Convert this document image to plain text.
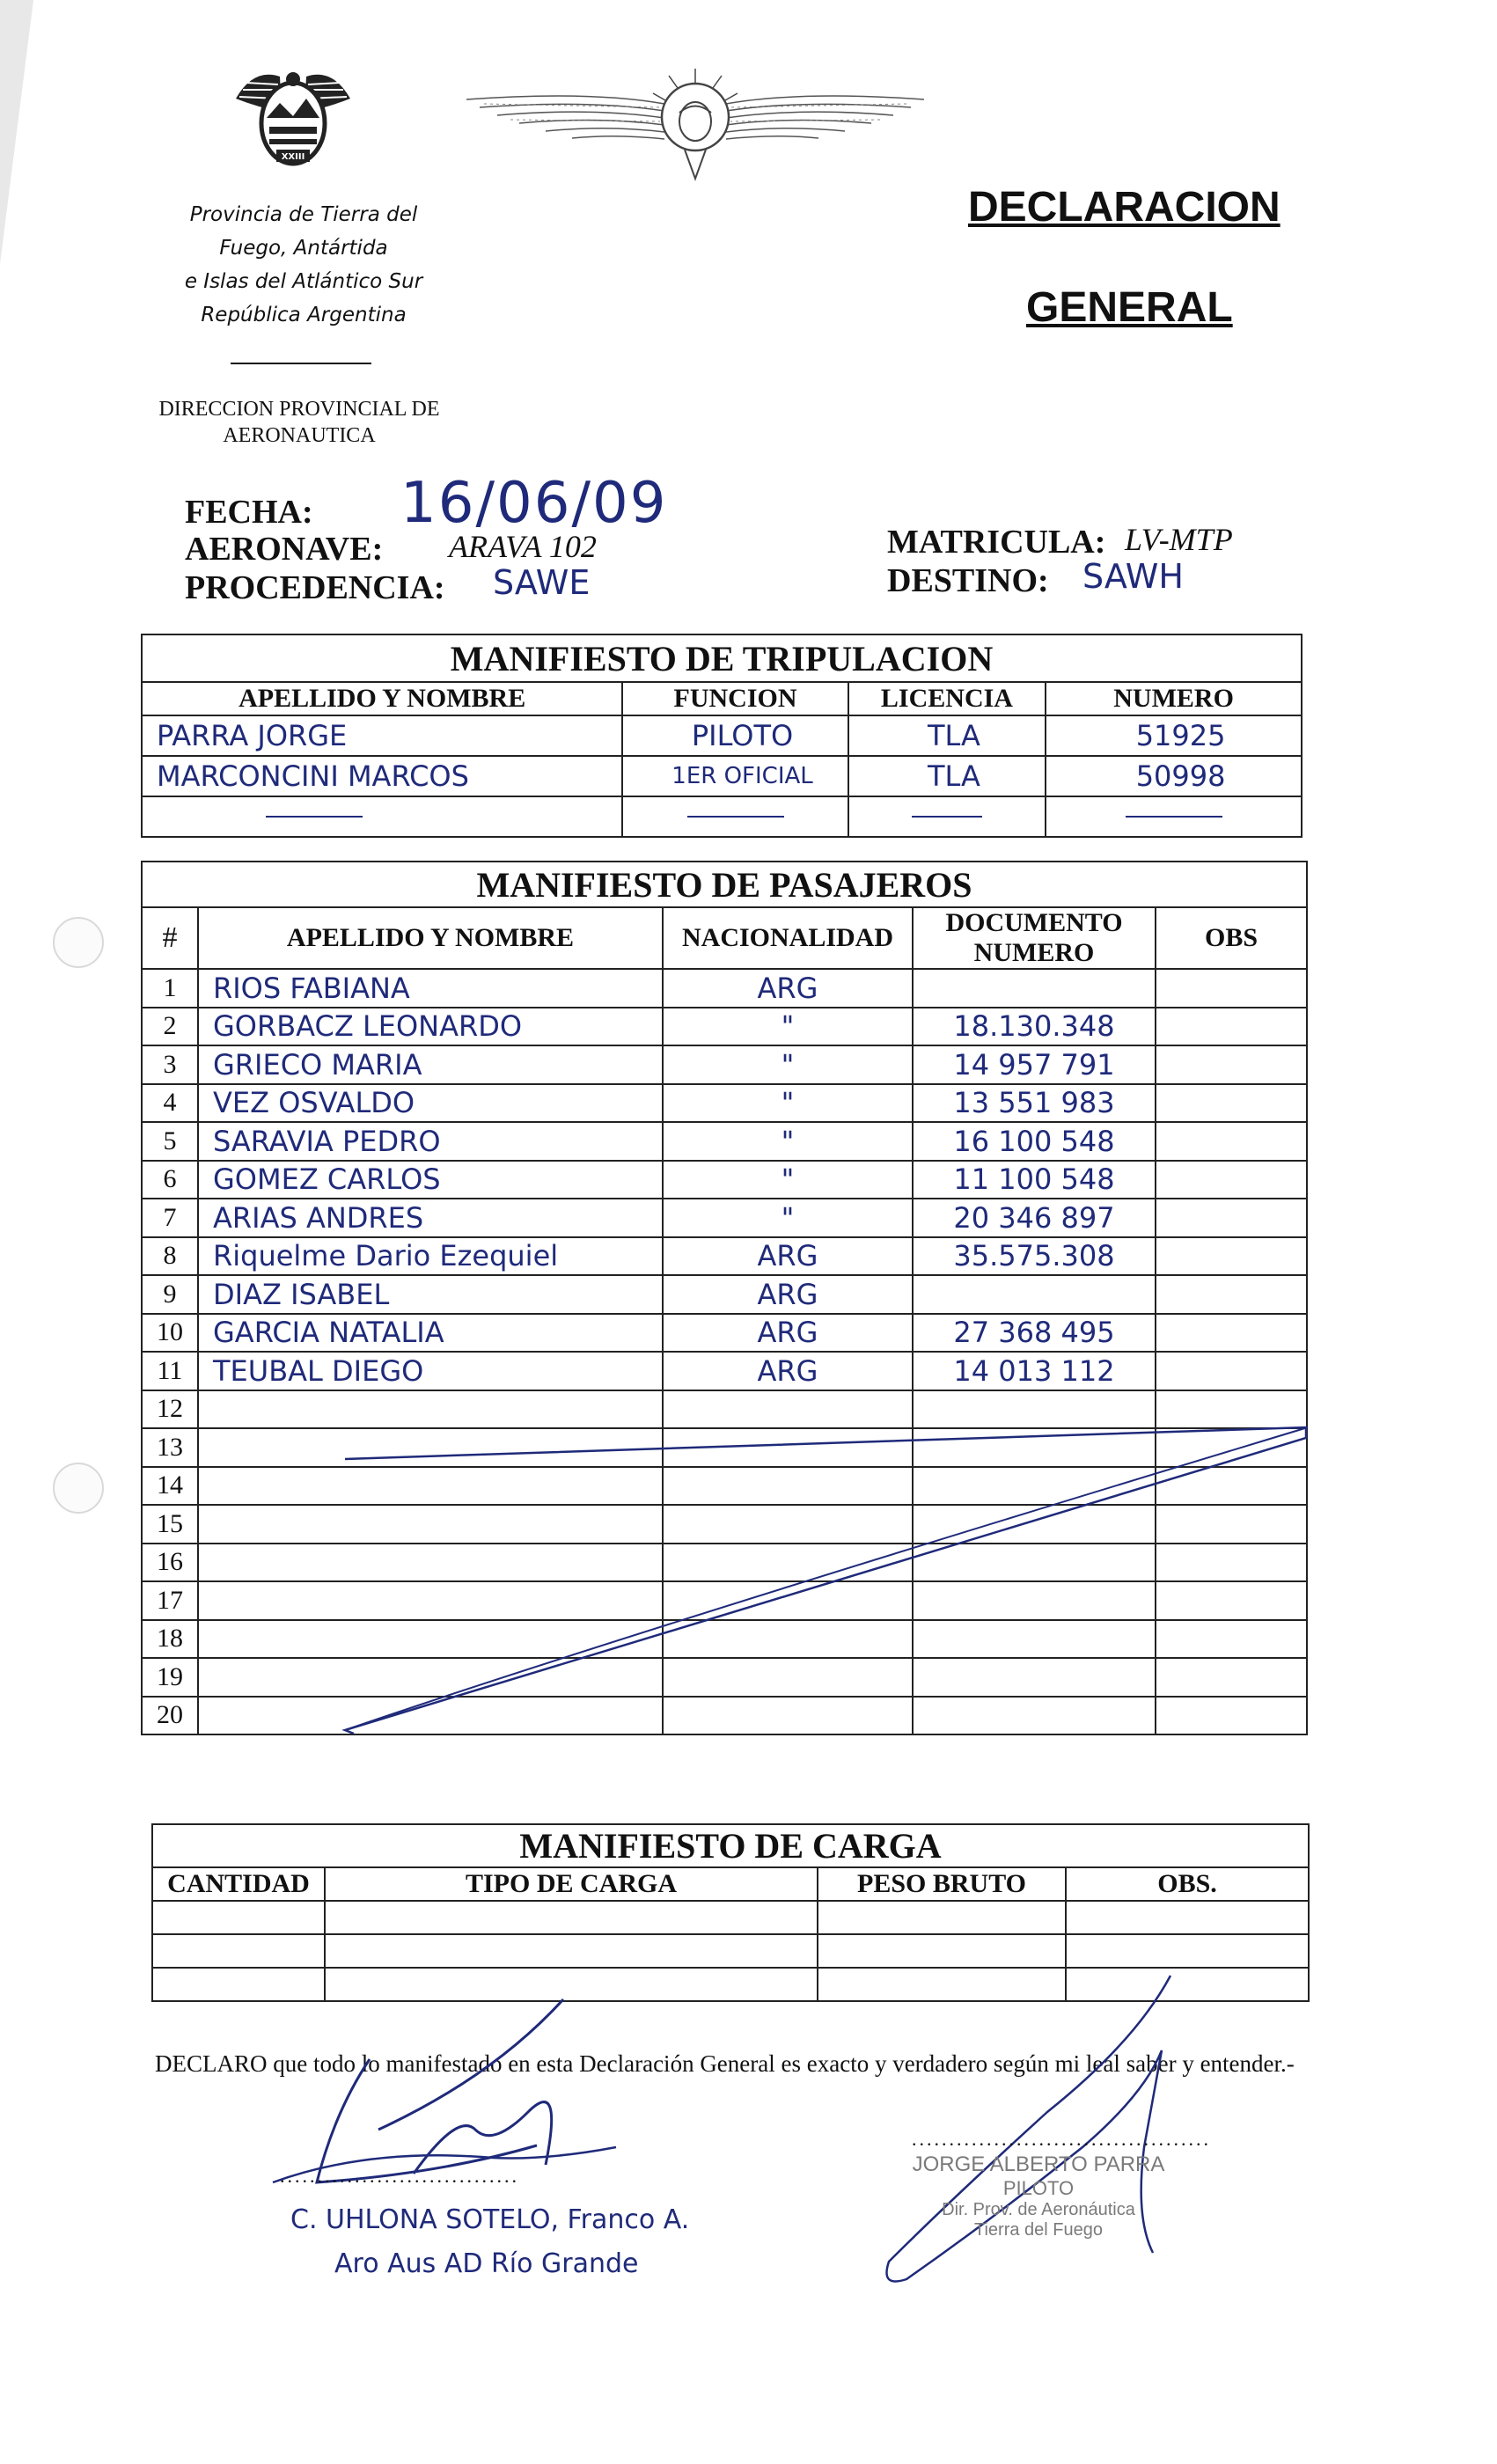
XXIII
Provincia de Tierra del
Fuego, Antártida
e Islas del Atlántico Sur
República Argentina
DECLARACION
GENERAL
DIRECCION PROVINCIAL DE
AERONAUTICA
FECHA: 16/06/09
AERONAVE: ARAVA 102
PROCEDENCIA: SAWE
MATRICULA: LV-MTP
DESTINO: SAWH
MANIFIESTO DE TRIPULACION			
APELLIDO Y NOMBRE	FUNCION	LICENCIA	NUMERO
PARRA JORGE	PILOTO	TLA	51925
MARCONCINI MARCOS	1ER OFICIAL	TLA	50998

MANIFIESTO DE PASAJEROS				
#	APELLIDO Y NOMBRE	NACIONALIDAD	DOCUMENTO NUMERO	OBS
1	RIOS FABIANA	ARG		
2	GORBACZ LEONARDO	"	18.130.348	
3	GRIECO MARIA	"	14 957 791	
4	VEZ OSVALDO	"	13 551 983	
5	SARAVIA PEDRO	"	16 100 548	
6	GOMEZ CARLOS	"	11 100 548	
7	ARIAS ANDRES	"	20 346 897	
8	Riquelme Dario Ezequiel	ARG	35.575.308	
9	DIAZ ISABEL	ARG		
10	GARCIA NATALIA	ARG	27 368 495	
11	TEUBAL DIEGO	ARG	14 013 112	
12				
13				
14				
15				
16				
17				
18				
19				
20				
MANIFIESTO DE CARGA			
CANTIDAD	TIPO DE CARGA	PESO BRUTO	OBS.

DECLARO que todo lo manifestado en esta Declaración General es exacto y verdadero según mi leal saber y entender.-
................................
C. UHLONA SOTELO, Franco A.
Aro Aus AD Río Grande
........................................
JORGE ALBERTO PARRA
PILOTO
Dir. Prov. de Aeronáutica
Tierra del Fuego
